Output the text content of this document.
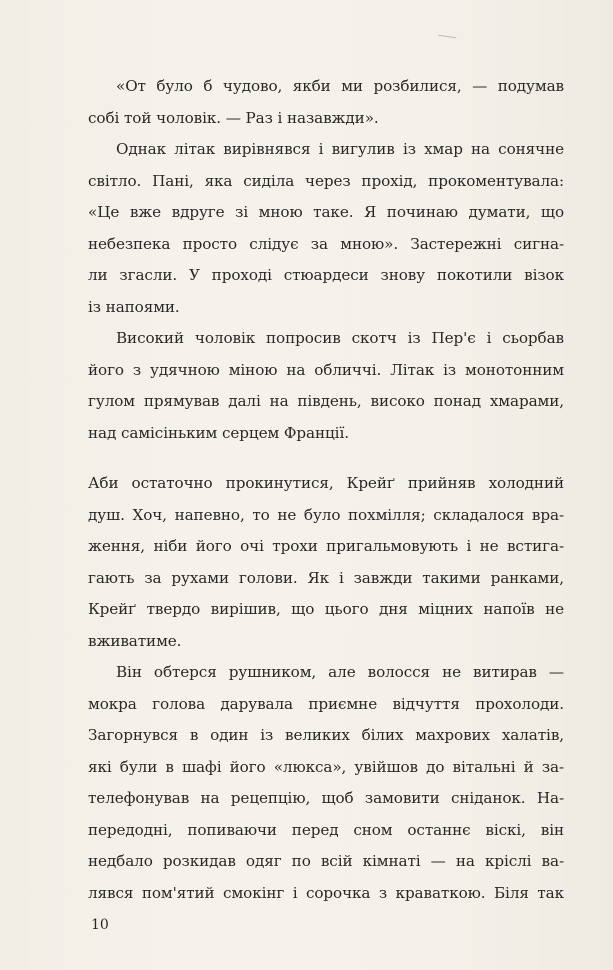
«От було б чудово, якби ми розбилися, — подумав
собі той чоловік. — Раз і назавжди».
Однак літак вирівнявся і вигулив із хмар на сонячне
світло. Пані, яка сиділа через прохід, прокоментувала:
«Це вже вдруге зі мною таке. Я починаю думати, що
небезпека просто слідує за мною». Застережні сигна-
ли згасли. У проході стюардеси знову покотили візок
із напоями.
Високий чоловік попросив скотч із Пер'є і сьорбав
його з удячною міною на обличчі. Літак із монотонним
гулом прямував далі на південь, високо понад хмарами,
над самісіньким серцем Франції.
Аби остаточно прокинутися, Крейґ прийняв холодний
душ. Хоч, напевно, то не було похмілля; складалося вра-
ження, ніби його очі трохи пригальмовують і не встига-
гають за рухами голови. Як і завжди такими ранками,
Крейґ твердо вирішив, що цього дня міцних напоїв не
вживатиме.
Він обтерся рушником, але волосся не витирав —
мокра голова дарувала приємне відчуття прохолоди.
Загорнувся в один із великих білих махрових халатів,
які були в шафі його «люкса», увійшов до вітальні й за-
телефонував на рецепцію, щоб замовити сніданок. На-
передодні, попиваючи перед сном останнє віскі, він
недбало розкидав одяг по всій кімнаті — на кріслі ва-
лявся пом'ятий смокінг і сорочка з краваткою. Біля так
10
